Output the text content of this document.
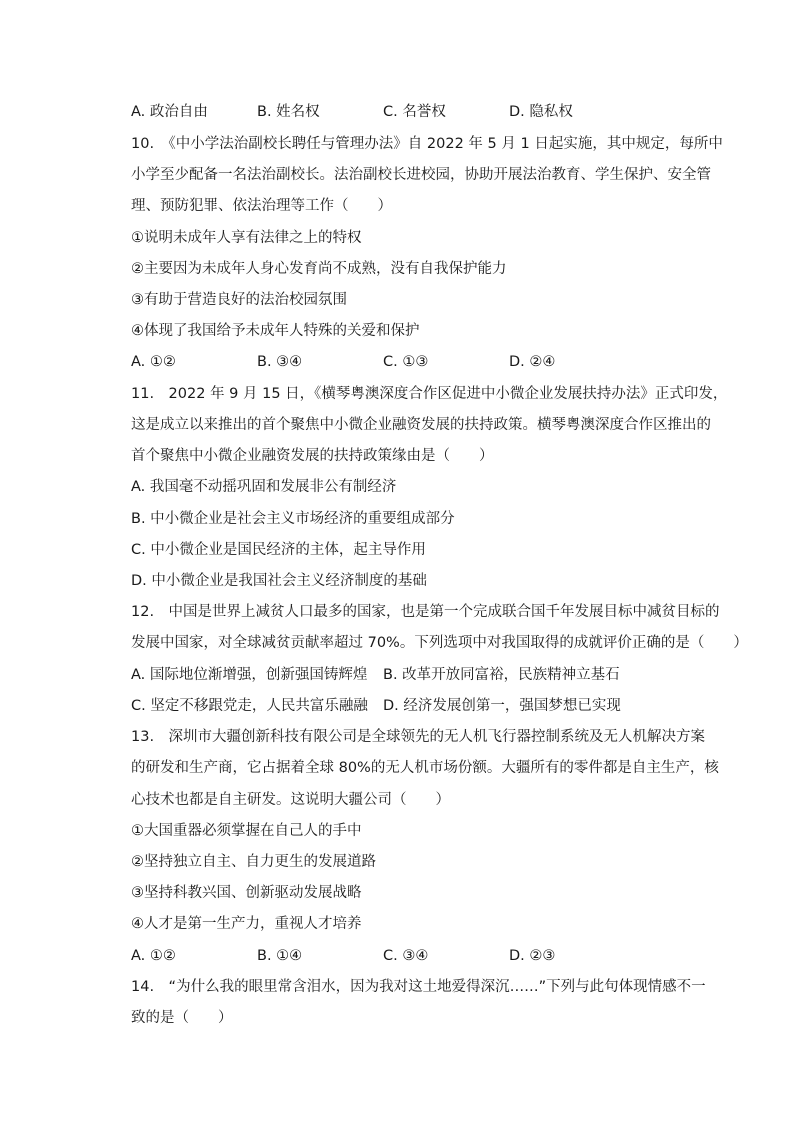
A. 政治自由	B. 姓名权	C. 名誉权	D. 隐私权
10.　《中小学法治副校长聘任与管理办法》自 2022 年 5 月 1 日起实施，其中规定，每所中
小学至少配备一名法治副校长。法治副校长进校园，协助开展法治教育、学生保护、安全管
理、预防犯罪、依法治理等工作（　　）
①说明未成年人享有法律之上的特权
②主要因为未成年人身心发育尚不成熟，没有自我保护能力
③有助于营造良好的法治校园氛围
④体现了我国给予未成年人特殊的关爱和保护
A. ①②	B. ③④	C. ①③	D. ②④
11.　2022 年 9 月 15 日，《横琴粤澳深度合作区促进中小微企业发展扶持办法》正式印发，
这是成立以来推出的首个聚焦中小微企业融资发展的扶持政策。横琴粤澳深度合作区推出的
首个聚焦中小微企业融资发展的扶持政策缘由是（　　）
A. 我国毫不动摇巩固和发展非公有制经济
B. 中小微企业是社会主义市场经济的重要组成部分
C. 中小微企业是国民经济的主体，起主导作用
D. 中小微企业是我国社会主义经济制度的基础
12.　中国是世界上减贫人口最多的国家，也是第一个完成联合国千年发展目标中减贫目标的
发展中国家，对全球减贫贡献率超过 70%。下列选项中对我国取得的成就评价正确的是（　　）
A. 国际地位渐增强，创新强国铸辉煌	B. 改革开放同富裕，民族精神立基石
C. 坚定不移跟党走，人民共富乐融融	D. 经济发展创第一，强国梦想已实现
13.　深圳市大疆创新科技有限公司是全球领先的无人机飞行器控制系统及无人机解决方案
的研发和生产商，它占据着全球 80%的无人机市场份额。大疆所有的零件都是自主生产，核
心技术也都是自主研发。这说明大疆公司（　　）
①大国重器必须掌握在自己人的手中
②坚持独立自主、自力更生的发展道路
③坚持科教兴国、创新驱动发展战略
④人才是第一生产力，重视人才培养
A. ①②	B. ①④	C. ③④	D. ②③
14.　“为什么我的眼里常含泪水，因为我对这土地爱得深沉……”下列与此句体现情感不一
致的是（　　）
